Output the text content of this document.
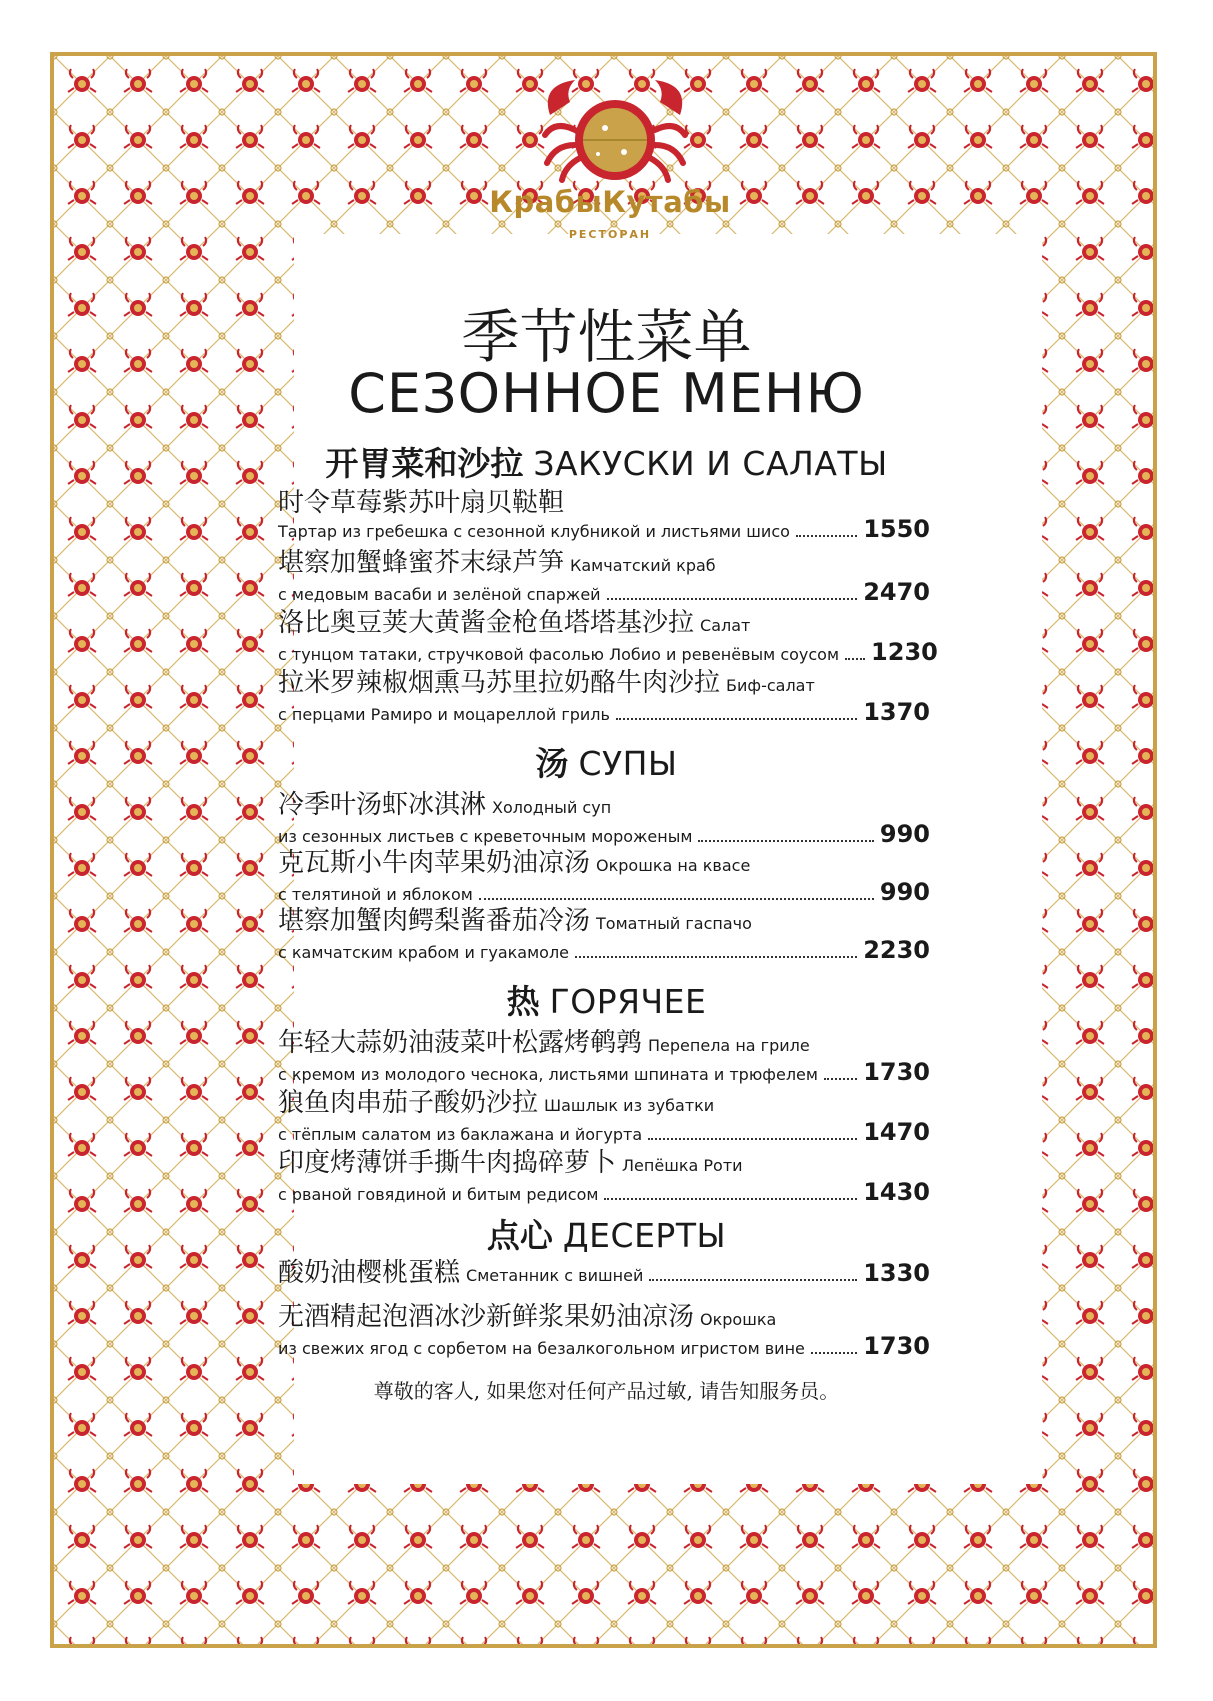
КрабыКутабы
РЕСТОРАН
季节性菜单
СЕЗОННОЕ МЕНЮ
开胃菜和沙拉 ЗАКУСКИ И САЛАТЫ
时令草莓紫苏叶扇贝鞑靼
Тартар из гребешка с сезонной клубникой и листьями шисо	1550
堪察加蟹蜂蜜芥末绿芦笋 Камчатский краб
с медовым васаби и зелёной спаржей	2470
洛比奥豆荚大黄酱金枪鱼塔塔基沙拉 Салат
с тунцом татаки, стручковой фасолью Лобио и ревенёвым соусом 1230
拉米罗辣椒烟熏马苏里拉奶酪牛肉沙拉 Биф-салат
с перцами Рамиро и моцареллой гриль	1370
汤 СУПЫ
冷季叶汤虾冰淇淋 Холодный суп
из сезонных листьев с креветочным мороженым	990
克瓦斯小牛肉苹果奶油凉汤 Окрошка на квасе
с телятиной и яблоком	990
堪察加蟹肉鳄梨酱番茄冷汤 Томатный гаспачо
с камчатским крабом и гуакамоле	2230
热 ГОРЯЧЕЕ
年轻大蒜奶油菠菜叶松露烤鹌鹑 Перепела на гриле
с кремом из молодого чеснока, листьями шпината и трюфелем 1730
狼鱼肉串茄子酸奶沙拉 Шашлык из зубатки
с тёплым салатом из баклажана и йогурта	1470
印度烤薄饼手撕牛肉捣碎萝卜 Лепёшка Роти
с рваной говядиной и битым редисом	1430
点心 ДЕСЕРТЫ
酸奶油樱桃蛋糕 Сметанник с вишней	1330
无酒精起泡酒冰沙新鲜浆果奶油凉汤 Окрошка
из свежих ягод с сорбетом на безалкогольном игристом вине 1730
尊敬的客人, 如果您对任何产品过敏, 请告知服务员。
